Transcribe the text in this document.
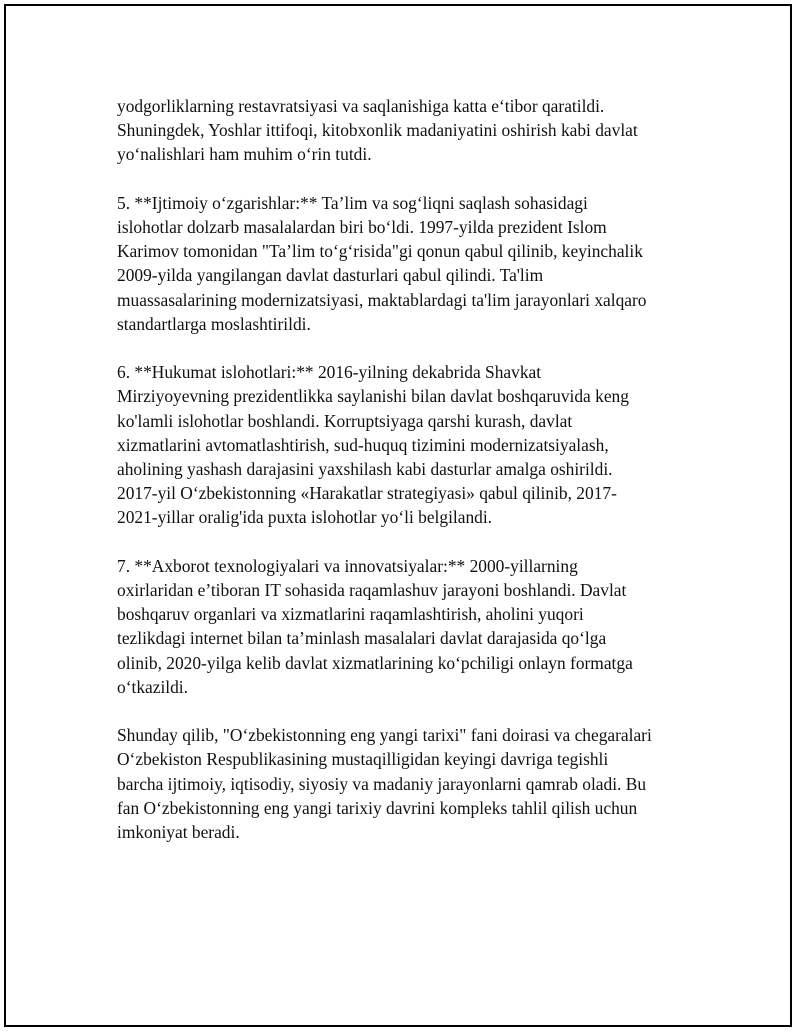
yodgorliklarning restavratsiyasi va saqlanishiga katta e‘tibor qaratildi.
Shuningdek, Yoshlar ittifoqi, kitobxonlik madaniyatini oshirish kabi davlat
yo‘nalishlari ham muhim o‘rin tutdi.

5. **Ijtimoiy o‘zgarishlar:** Ta’lim va sog‘liqni saqlash sohasidagi
islohotlar dolzarb masalalardan biri bo‘ldi. 1997-yilda prezident Islom
Karimov tomonidan "Ta’lim to‘g‘risida"gi qonun qabul qilinib, keyinchalik
2009-yilda yangilangan davlat dasturlari qabul qilindi. Ta'lim
muassasalarining modernizatsiyasi, maktablardagi ta'lim jarayonlari xalqaro
standartlarga moslashtirildi.

6. **Hukumat islohotlari:** 2016-yilning dekabrida Shavkat
Mirziyoyevning prezidentlikka saylanishi bilan davlat boshqaruvida keng
ko'lamli islohotlar boshlandi. Korruptsiyaga qarshi kurash, davlat
xizmatlarini avtomatlashtirish, sud-huquq tizimini modernizatsiyalash,
aholining yashash darajasini yaxshilash kabi dasturlar amalga oshirildi.
2017-yil O‘zbekistonning «Harakatlar strategiyasi» qabul qilinib, 2017-
2021-yillar oralig'ida puxta islohotlar yo‘li belgilandi.

7. **Axborot texnologiyalari va innovatsiyalar:** 2000-yillarning
oxirlaridan e’tiboran IT sohasida raqamlashuv jarayoni boshlandi. Davlat
boshqaruv organlari va xizmatlarini raqamlashtirish, aholini yuqori
tezlikdagi internet bilan ta’minlash masalalari davlat darajasida qo‘lga
olinib, 2020-yilga kelib davlat xizmatlarining ko‘pchiligi onlayn formatga
o‘tkazildi.

Shunday qilib, "O‘zbekistonning eng yangi tarixi" fani doirasi va chegaralari
O‘zbekiston Respublikasining mustaqilligidan keyingi davriga tegishli
barcha ijtimoiy, iqtisodiy, siyosiy va madaniy jarayonlarni qamrab oladi. Bu
fan O‘zbekistonning eng yangi tarixiy davrini kompleks tahlil qilish uchun
imkoniyat beradi.
